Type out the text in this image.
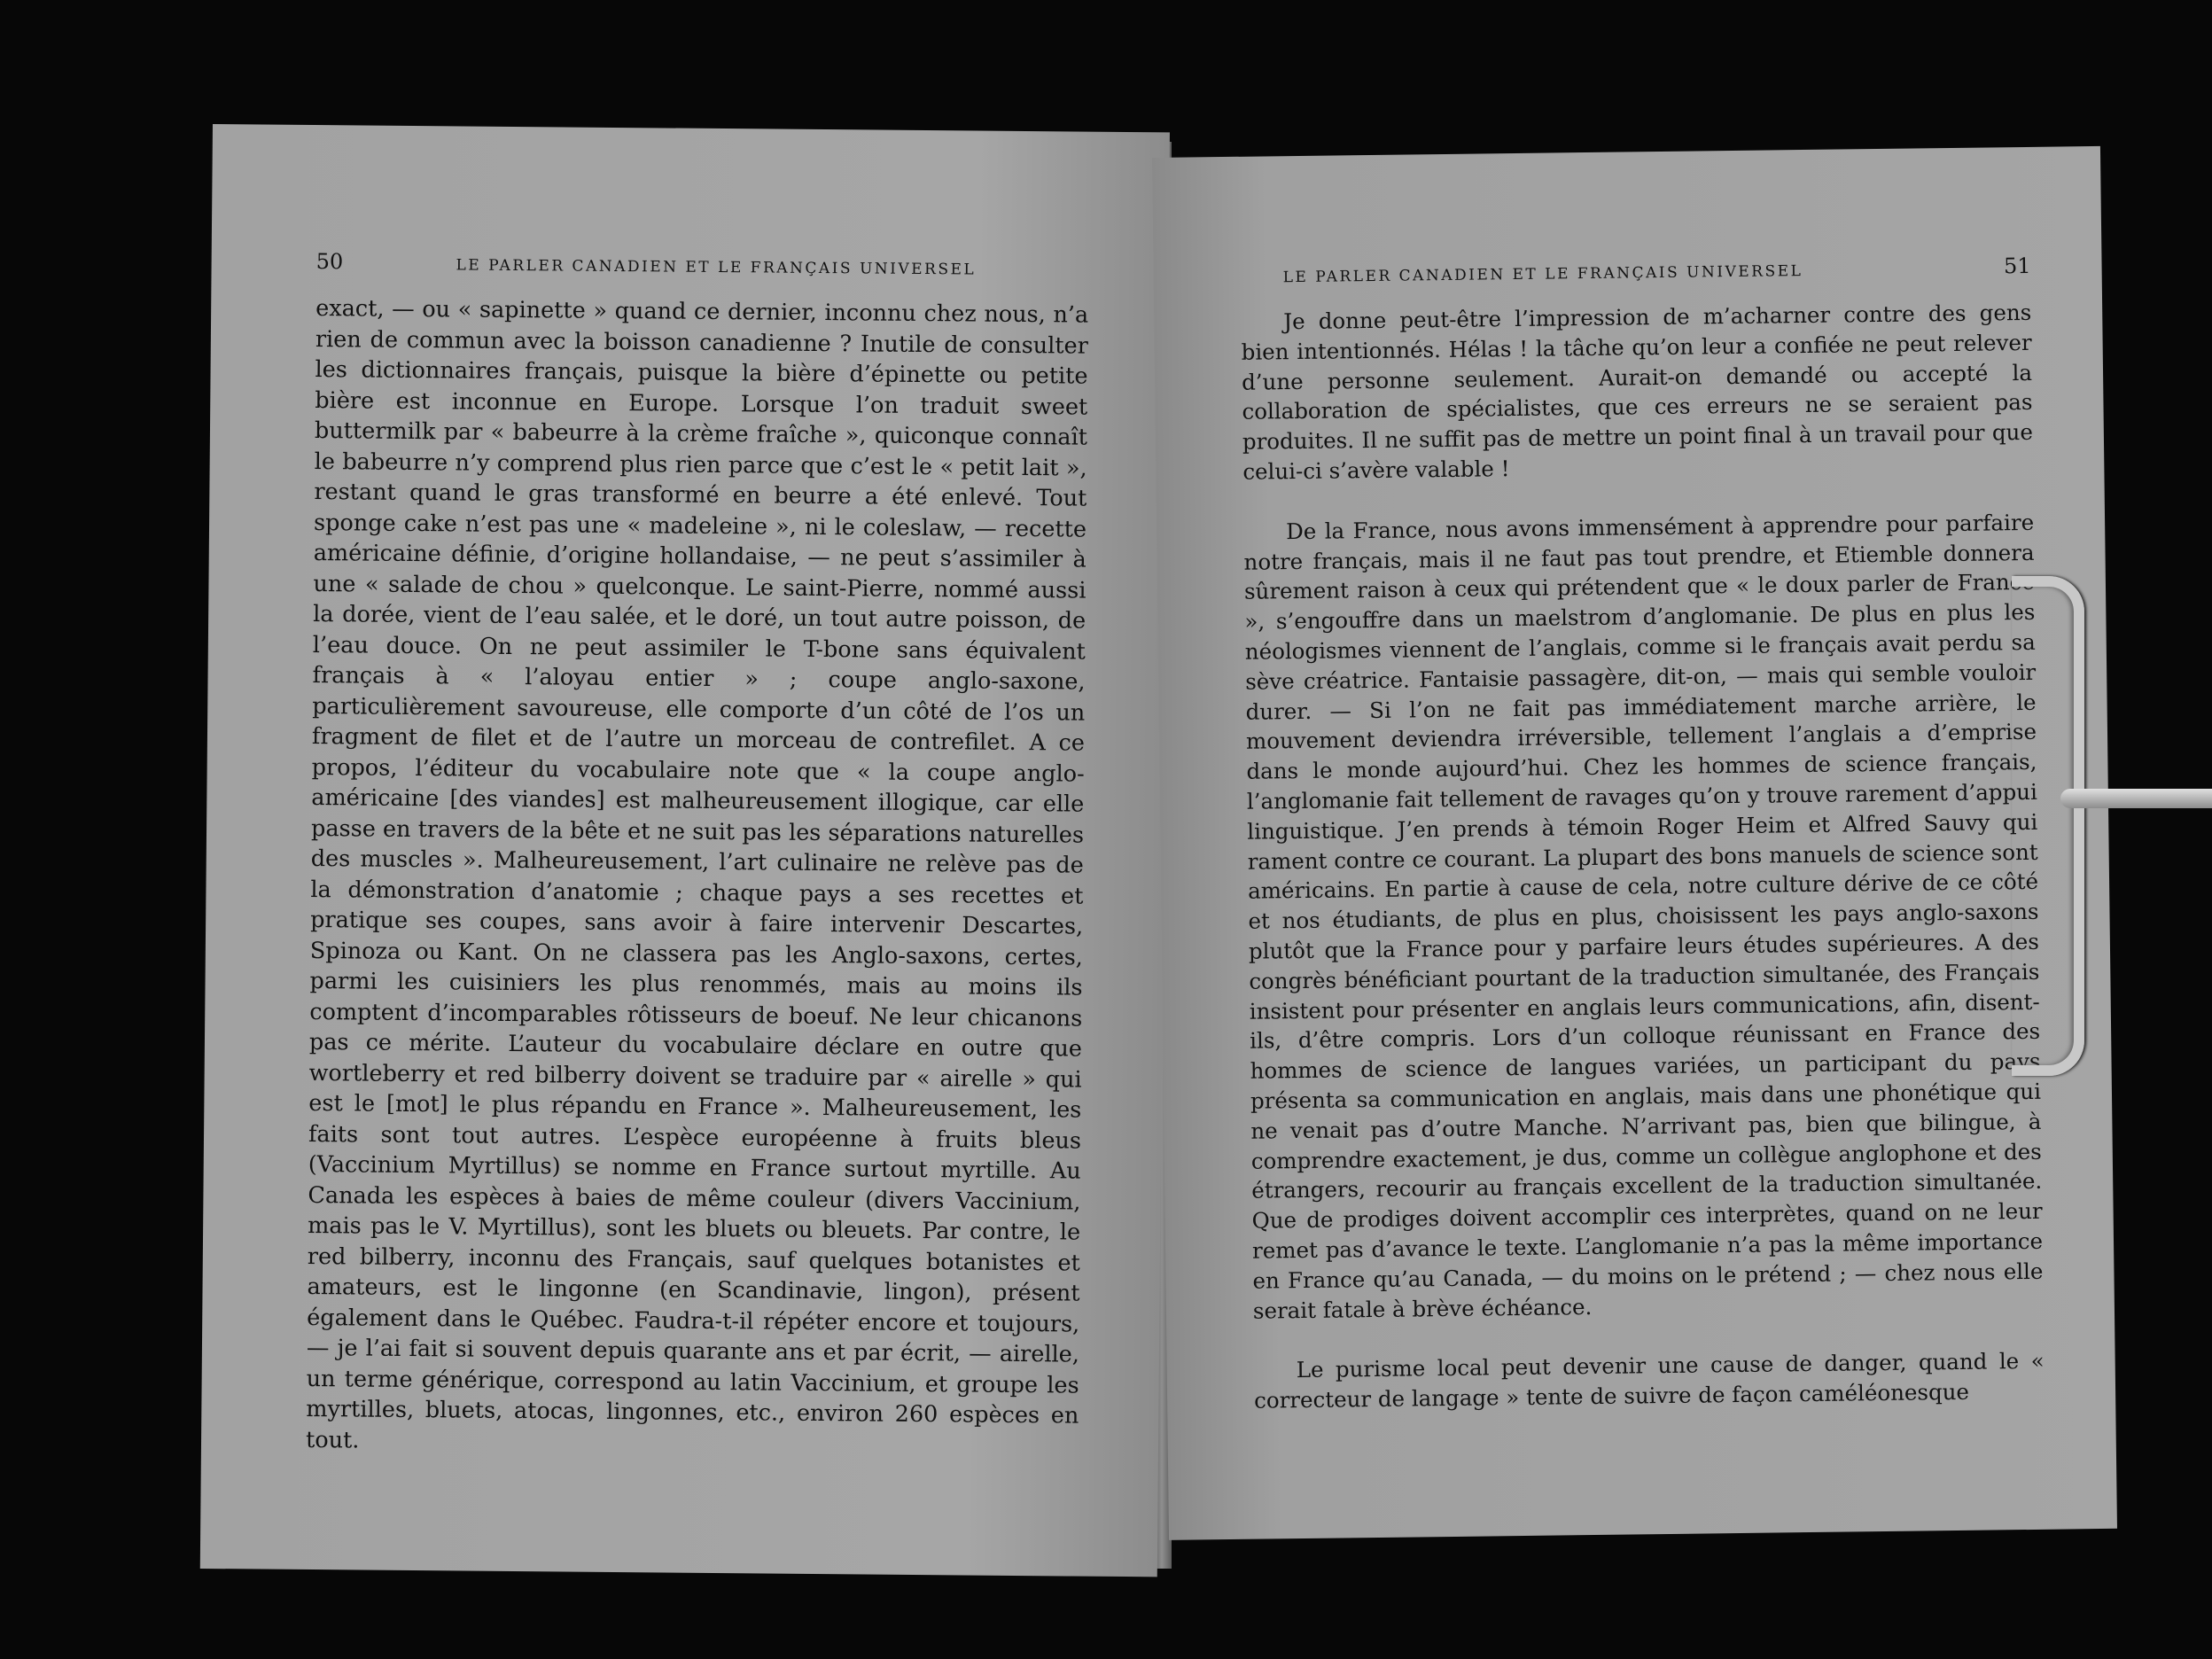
50	LE PARLER CANADIEN ET LE FRANÇAIS UNIVERSEL

exact, — ou « sapinette » quand ce dernier, inconnu chez nous, n’a rien de commun avec la boisson canadienne ? Inutile de consulter les dictionnaires français, puisque la bière d’épinette ou petite bière est inconnue en Europe. Lorsque l’on traduit sweet buttermilk par « babeurre à la crème fraîche », quiconque connaît le babeurre n’y comprend plus rien parce que c’est le « petit lait », restant quand le gras transformé en beurre a été enlevé. Tout sponge cake n’est pas une « madeleine », ni le coleslaw, — recette américaine définie, d’origine hollandaise, — ne peut s’assimiler à une « salade de chou » quelconque. Le saint-Pierre, nommé aussi la dorée, vient de l’eau salée, et le doré, un tout autre poisson, de l’eau douce. On ne peut assimiler le T-bone sans équivalent français à « l’aloyau entier » ; coupe anglo-saxone, particulièrement savoureuse, elle comporte d’un côté de l’os un fragment de filet et de l’autre un morceau de contrefilet. A ce propos, l’éditeur du vocabulaire note que « la coupe anglo-américaine [des viandes] est malheureusement illogique, car elle passe en travers de la bête et ne suit pas les séparations naturelles des muscles ». Malheureusement, l’art culinaire ne relève pas de la démonstration d’anatomie ; chaque pays a ses recettes et pratique ses coupes, sans avoir à faire intervenir Descartes, Spinoza ou Kant. On ne classera pas les Anglo-saxons, certes, parmi les cuisiniers les plus renommés, mais au moins ils comptent d’incomparables rôtisseurs de boeuf. Ne leur chicanons pas ce mérite. L’auteur du vocabulaire déclare en outre que wortleberry et red bilberry doivent se traduire par « airelle » qui est le [mot] le plus répandu en France ». Malheureusement, les faits sont tout autres. L’espèce européenne à fruits bleus (Vaccinium Myrtillus) se nomme en France surtout myrtille. Au Canada les espèces à baies de même couleur (divers Vaccinium, mais pas le V. Myrtillus), sont les bluets ou bleuets. Par contre, le red bilberry, inconnu des Français, sauf quelques botanistes et amateurs, est le lingonne (en Scandinavie, lingon), présent également dans le Québec. Faudra-t-il répéter encore et toujours, — je l’ai fait si souvent depuis quarante ans et par écrit, — airelle, un terme générique, correspond au latin Vaccinium, et groupe les myrtilles, bluets, atocas, lingonnes, etc., environ 260 espèces en tout.

LE PARLER CANADIEN ET LE FRANÇAIS UNIVERSEL	51

Je donne peut-être l’impression de m’acharner contre des gens bien intentionnés. Hélas ! la tâche qu’on leur a confiée ne peut relever d’une personne seulement. Aurait-on demandé ou accepté la collaboration de spécialistes, que ces erreurs ne se seraient pas produites. Il ne suffit pas de mettre un point final à un travail pour que celui-ci s’avère valable !

De la France, nous avons immensément à apprendre pour parfaire notre français, mais il ne faut pas tout prendre, et Etiemble donnera sûrement raison à ceux qui prétendent que « le doux parler de France », s’engouffre dans un maelstrom d’anglomanie. De plus en plus les néologismes viennent de l’anglais, comme si le français avait perdu sa sève créatrice. Fantaisie passagère, dit-on, — mais qui semble vouloir durer. — Si l’on ne fait pas immédiatement marche arrière, le mouvement deviendra irréversible, tellement l’anglais a d’emprise dans le monde aujourd’hui. Chez les hommes de science français, l’anglomanie fait tellement de ravages qu’on y trouve rarement d’appui linguistique. J’en prends à témoin Roger Heim et Alfred Sauvy qui rament contre ce courant. La plupart des bons manuels de science sont américains. En partie à cause de cela, notre culture dérive de ce côté et nos étudiants, de plus en plus, choisissent les pays anglo-saxons plutôt que la France pour y parfaire leurs études supérieures. A des congrès bénéficiant pourtant de la traduction simultanée, des Français insistent pour présenter en anglais leurs communications, afin, disent-ils, d’être compris. Lors d’un colloque réunissant en France des hommes de science de langues variées, un participant du pays présenta sa communication en anglais, mais dans une phonétique qui ne venait pas d’outre Manche. N’arrivant pas, bien que bilingue, à comprendre exactement, je dus, comme un collègue anglophone et des étrangers, recourir au français excellent de la traduction simultanée. Que de prodiges doivent accomplir ces interprètes, quand on ne leur remet pas d’avance le texte. L’anglomanie n’a pas la même importance en France qu’au Canada, — du moins on le prétend ; — chez nous elle serait fatale à brève échéance.

Le purisme local peut devenir une cause de danger, quand le « correcteur de langage » tente de suivre de façon caméléonesque
